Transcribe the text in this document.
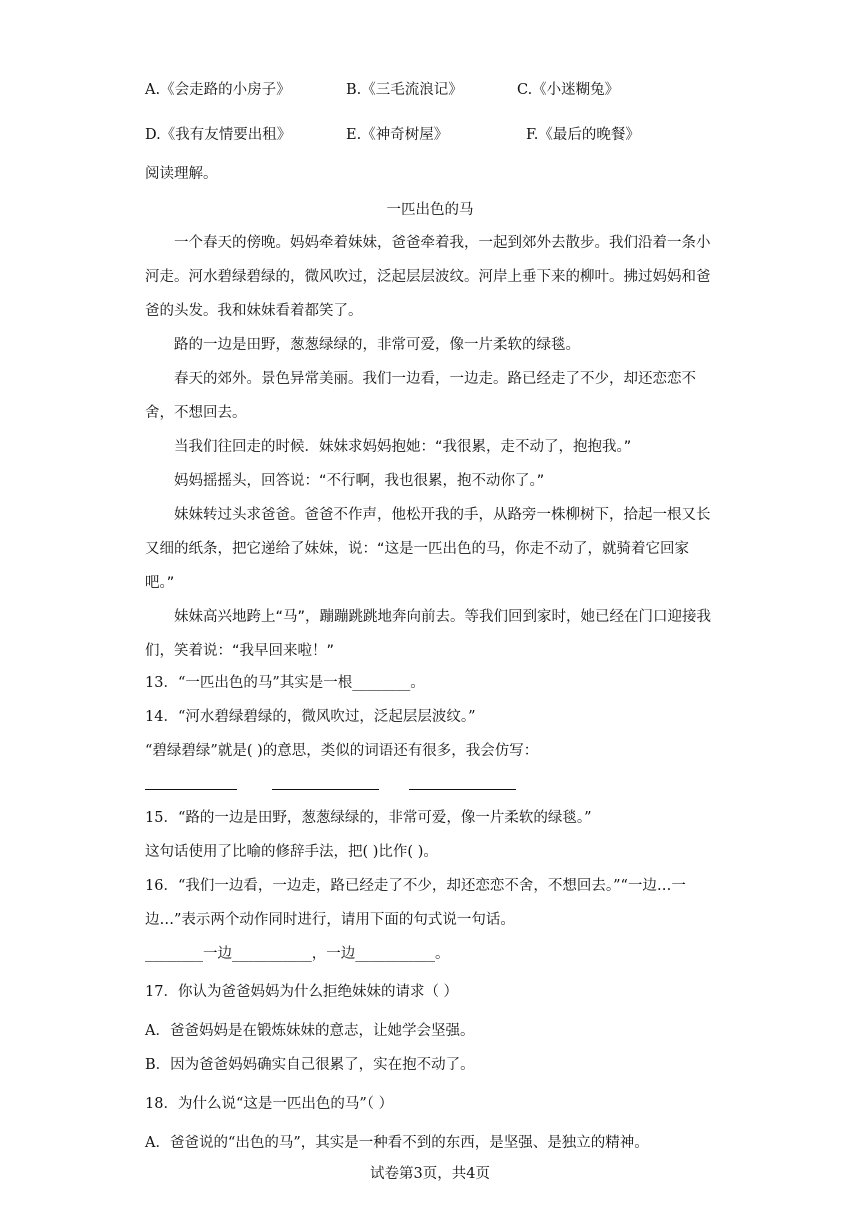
A.《会走路的小房子》	B.《三毛流浪记》	C.《小迷糊兔》
D.《我有友情要出租》	E.《神奇树屋》	F.《最后的晚餐》
阅读理解。
一匹出色的马
一个春天的傍晚。妈妈牵着妹妹，爸爸牵着我，一起到郊外去散步。我们沿着一条小河走。河水碧绿碧绿的，微风吹过，泛起层层波纹。河岸上垂下来的柳叶。拂过妈妈和爸爸的头发。我和妹妹看着都笑了。
路的一边是田野，葱葱绿绿的，非常可爱，像一片柔软的绿毯。
春天的郊外。景色异常美丽。我们一边看，一边走。路已经走了不少，却还恋恋不舍，不想回去。
当我们往回走的时候．妹妹求妈妈抱她：“我很累，走不动了，抱抱我。”
妈妈摇摇头，回答说：“不行啊，我也很累，抱不动你了。”
妹妹转过头求爸爸。爸爸不作声，他松开我的手，从路旁一株柳树下，拾起一根又长又细的纸条，把它递给了妹妹，说：“这是一匹出色的马，你走不动了，就骑着它回家吧。”
妹妹高兴地跨上“马”，蹦蹦跳跳地奔向前去。等我们回到家时，她已经在门口迎接我们，笑着说：“我早回来啦！”
13．“一匹出色的马”其实是一根________。
14．“河水碧绿碧绿的，微风吹过，泛起层层波纹。”
“碧绿碧绿”就是( )的意思，类似的词语还有很多，我会仿写：
15．“路的一边是田野，葱葱绿绿的，非常可爱，像一片柔软的绿毯。”
这句话使用了比喻的修辞手法，把( )比作( )。
16．“我们一边看，一边走，路已经走了不少，却还恋恋不舍，不想回去。”“一边…一
边…”表示两个动作同时进行，请用下面的句式说一句话。
________一边___________，一边___________。
17．你认为爸爸妈妈为什么拒绝妹妹的请求（ ）
A．爸爸妈妈是在锻炼妹妹的意志，让她学会坚强。
B．因为爸爸妈妈确实自己很累了，实在抱不动了。
18．为什么说“这是一匹出色的马”（ ）
A．爸爸说的“出色的马”，其实是一种看不到的东西，是坚强、是独立的精神。
试卷第3页，共4页
